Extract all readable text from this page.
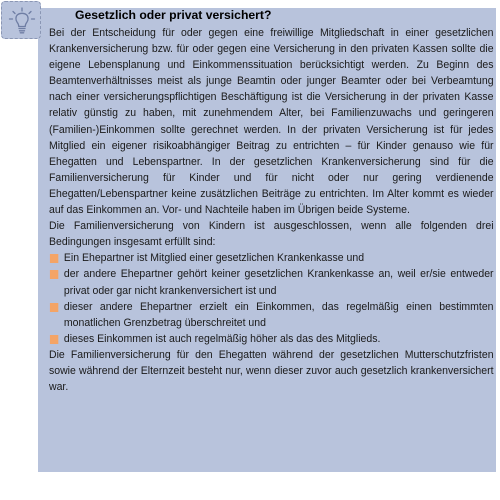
Gesetzlich oder privat versichert?

Bei der Entscheidung für oder gegen eine freiwillige Mitgliedschaft in einer gesetzlichen Krankenversicherung bzw. für oder gegen eine Versicherung in den privaten Kassen sollte die eigene Lebensplanung und Einkommenssituation berücksichtigt werden. Zu Beginn des Beamtenverhältnisses meist als junge Beamtin oder junger Beamter oder bei Verbeamtung nach einer versicherungspflichtigen Beschäftigung ist die Versicherung in der privaten Kasse relativ günstig zu haben, mit zunehmendem Alter, bei Familienzuwachs und geringeren (Familien-)Einkommen sollte gerechnet werden. In der privaten Versicherung ist für jedes Mitglied ein eigener risikoabhängiger Beitrag zu entrichten – für Kinder genauso wie für Ehegatten und Lebenspartner. In der gesetzlichen Krankenversicherung sind für die Familienversicherung für Kinder und für nicht oder nur gering verdienende Ehegatten/Lebenspartner keine zusätzlichen Beiträge zu entrichten. Im Alter kommt es wieder auf das Einkommen an. Vor- und Nachteile haben im Übrigen beide Systeme.

Die Familienversicherung von Kindern ist ausgeschlossen, wenn alle folgenden drei Bedingungen insgesamt erfüllt sind:

Ein Ehepartner ist Mitglied einer gesetzlichen Krankenkasse und
der andere Ehepartner gehört keiner gesetzlichen Krankenkasse an, weil er/sie entweder privat oder gar nicht krankenversichert ist und
dieser andere Ehepartner erzielt ein Einkommen, das regelmäßig einen bestimmten monatlichen Grenzbetrag überschreitet und
dieses Einkommen ist auch regelmäßig höher als das des Mitglieds.

Die Familienversicherung für den Ehegatten während der gesetzlichen Mutterschutzfristen sowie während der Elternzeit besteht nur, wenn dieser zuvor auch gesetzlich krankenversichert war.
